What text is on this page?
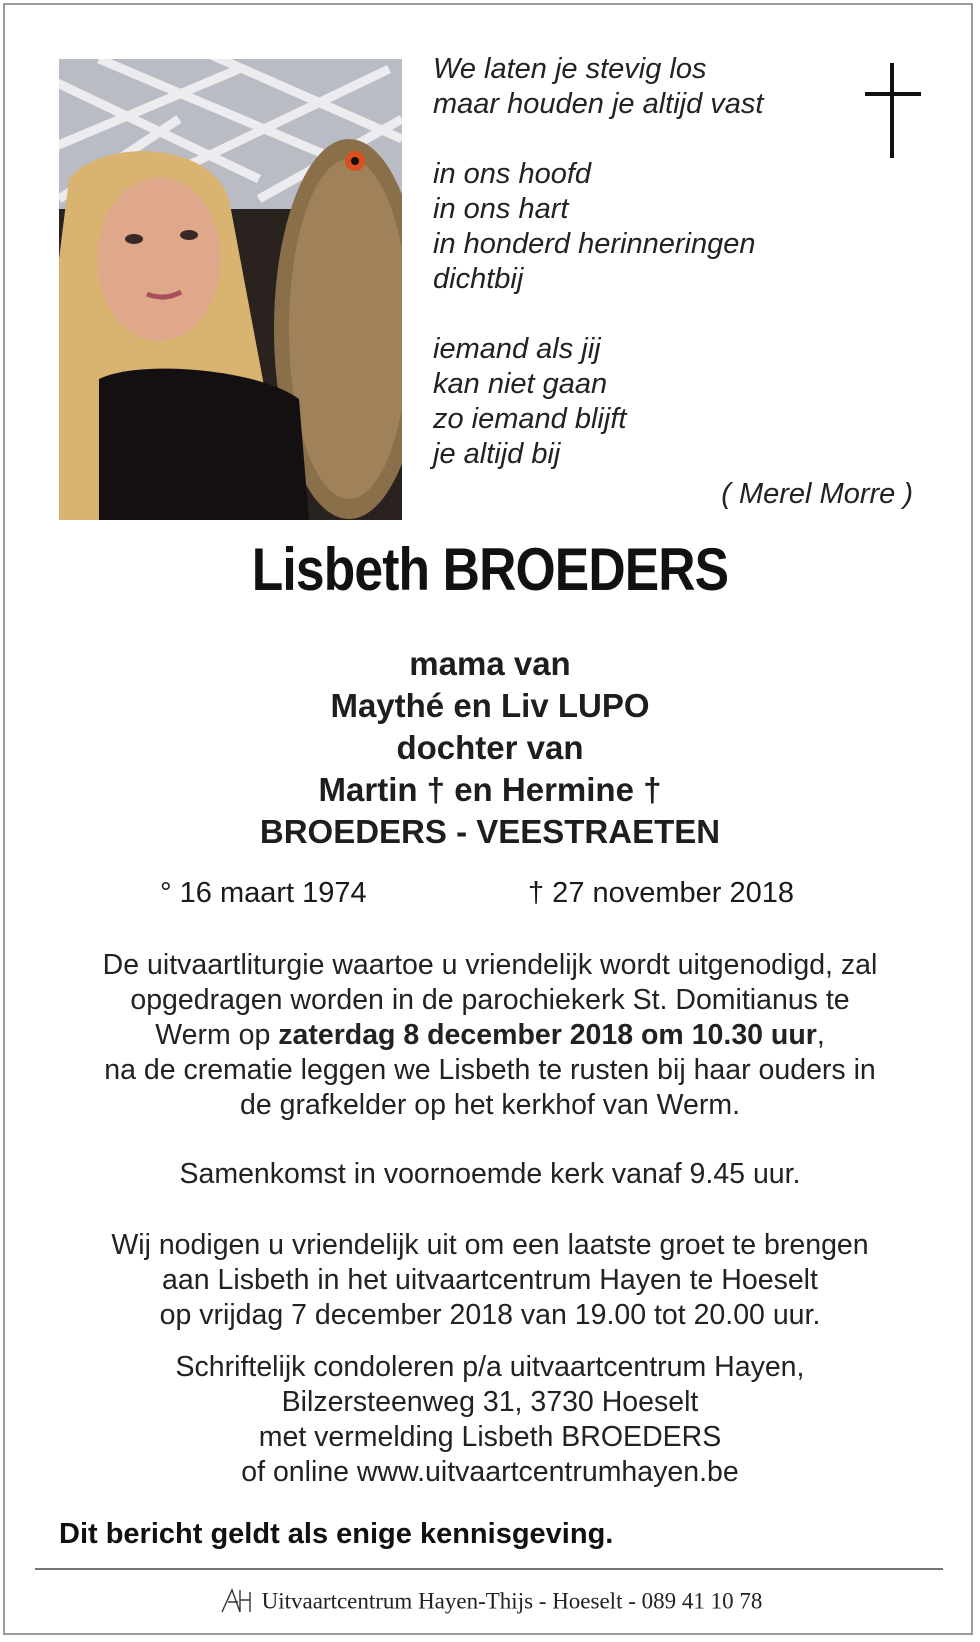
We laten je stevig los
maar houden je altijd vast
in ons hoofd
in ons hart
in honderd herinneringen
dichtbij
iemand als jij
kan niet gaan
zo iemand blijft
je altijd bij
( Merel Morre )
Lisbeth BROEDERS
mama van
Maythé en Liv LUPO
dochter van
Martin † en Hermine †
BROEDERS - VEESTRAETEN
° 16 maart 1974	† 27 november 2018
De uitvaartliturgie waartoe u vriendelijk wordt uitgenodigd, zal
opgedragen worden in de parochiekerk St. Domitianus te
Werm op zaterdag 8 december 2018 om 10.30 uur,
na de crematie leggen we Lisbeth te rusten bij haar ouders in
de grafkelder op het kerkhof van Werm.
Samenkomst in voornoemde kerk vanaf 9.45 uur.
Wij nodigen u vriendelijk uit om een laatste groet te brengen
aan Lisbeth in het uitvaartcentrum Hayen te Hoeselt
op vrijdag 7 december 2018 van 19.00 tot 20.00 uur.
Schriftelijk condoleren p/a uitvaartcentrum Hayen,
Bilzersteenweg 31, 3730 Hoeselt
met vermelding Lisbeth BROEDERS
of online www.uitvaartcentrumhayen.be
Dit bericht geldt als enige kennisgeving.
Uitvaartcentrum Hayen-Thijs - Hoeselt - 089 41 10 78
